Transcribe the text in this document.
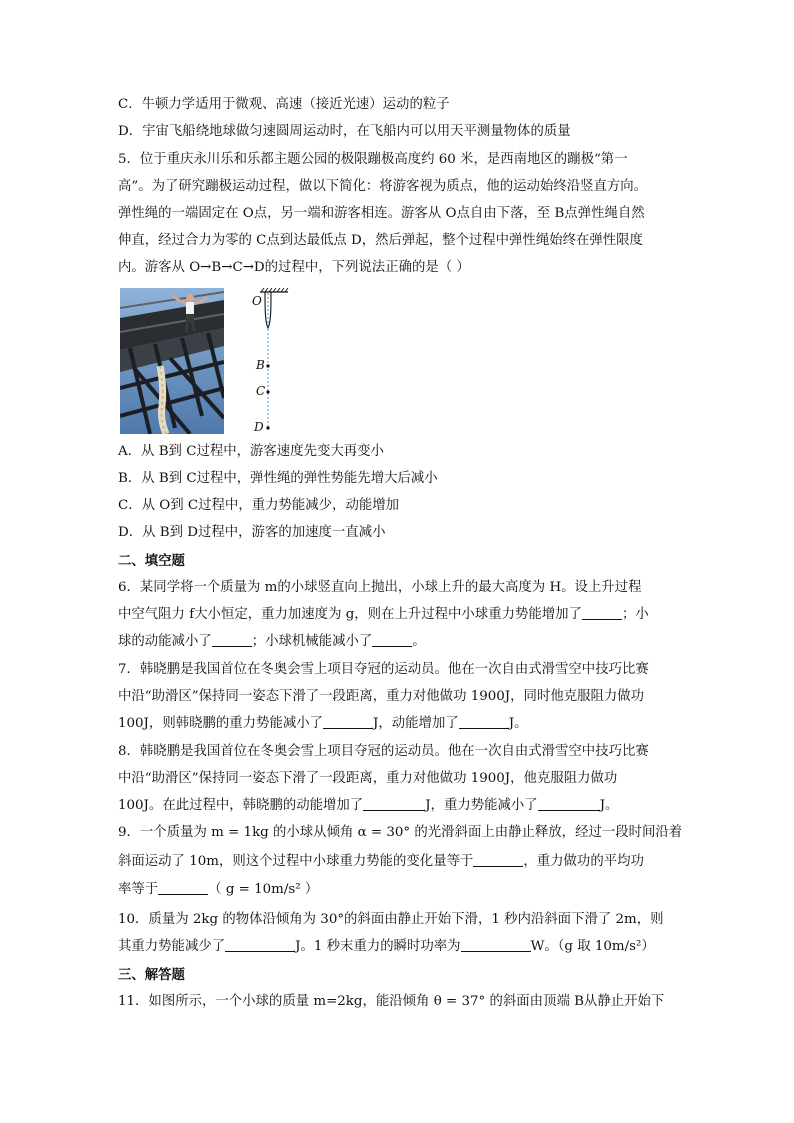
C．牛顿力学适用于微观、高速（接近光速）运动的粒子
D．宇宙飞船绕地球做匀速圆周运动时，在飞船内可以用天平测量物体的质量
5．位于重庆永川乐和乐都主题公园的极限蹦极高度约 60 米，是西南地区的蹦极“第一
高”。为了研究蹦极运动过程，做以下简化：将游客视为质点，他的运动始终沿竖直方向。
弹性绳的一端固定在 O点，另一端和游客相连。游客从 O点自由下落，至 B点弹性绳自然
伸直，经过合力为零的 C点到达最低点 D，然后弹起，整个过程中弹性绳始终在弹性限度
内。游客从 O→B→C→D的过程中，下列说法正确的是（ ）
O
B
C
D
A．从 B到 C过程中，游客速度先变大再变小
B．从 B到 C过程中，弹性绳的弹性势能先增大后减小
C．从 O到 C过程中，重力势能减少，动能增加
D．从 B到 D过程中，游客的加速度一直减小
二、填空题
6．某同学将一个质量为 m的小球竖直向上抛出，小球上升的最大高度为 H。设上升过程
中空气阻力 f大小恒定，重力加速度为 g，则在上升过程中小球重力势能增加了	；小
球的动能减小了	；小球机械能减小了	。
7．韩晓鹏是我国首位在冬奥会雪上项目夺冠的运动员。他在一次自由式滑雪空中技巧比赛
中沿“助滑区”保持同一姿态下滑了一段距离，重力对他做功 1900J，同时他克服阻力做功
100J，则韩晓鹏的重力势能减小了	J，动能增加了	J。
8．韩晓鹏是我国首位在冬奥会雪上项目夺冠的运动员。他在一次自由式滑雪空中技巧比赛
中沿“助滑区”保持同一姿态下滑了一段距离，重力对他做功 1900J，他克服阻力做功
100J。在此过程中，韩晓鹏的动能增加了	J，重力势能减小了	J。
9．一个质量为 m = 1kg 的小球从倾角 α = 30° 的光滑斜面上由静止释放，经过一段时间沿着
斜面运动了 10m，则这个过程中小球重力势能的变化量等于	，重力做功的平均功
率等于	（ g = 10m/s² ）
10．质量为 2kg 的物体沿倾角为 30°的斜面由静止开始下滑，1 秒内沿斜面下滑了 2m，则
其重力势能减少了	J。1 秒末重力的瞬时功率为	W。（g 取 10m/s²）
三、解答题
11．如图所示，一个小球的质量 m=2kg，能沿倾角 θ = 37° 的斜面由顶端 B从静止开始下
